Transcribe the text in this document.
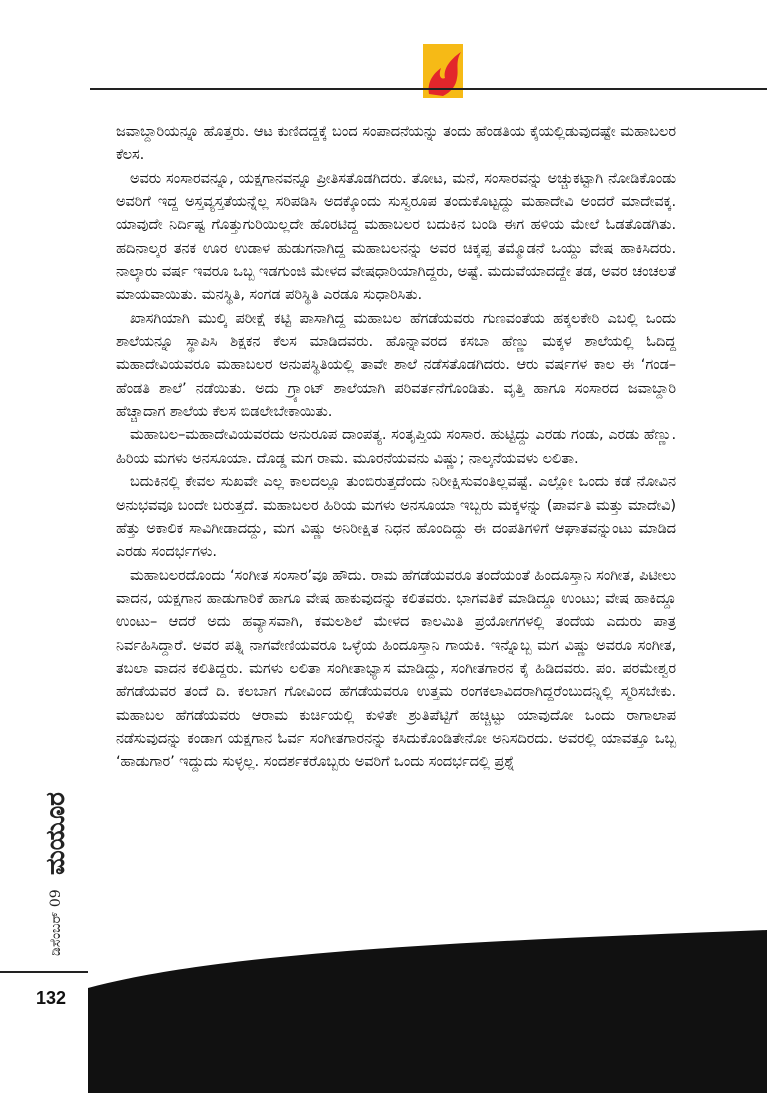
ಜವಾಬ್ದಾರಿಯನ್ನೂ ಹೊತ್ತರು. ಆಟ ಕುಣಿದದ್ದಕ್ಕೆ ಬಂದ ಸಂಪಾದನೆಯನ್ನು ತಂದು ಹೆಂಡತಿಯ ಕೈಯಲ್ಲಿಡುವುದಷ್ಟೇ ಮಹಾಬಲರ ಕೆಲಸ.

ಅವರು ಸಂಸಾರವನ್ನೂ, ಯಕ್ಷಗಾನವನ್ನೂ ಪ್ರೀತಿಸತೊಡಗಿದರು. ತೋಟ, ಮನೆ, ಸಂಸಾರವನ್ನು ಅಚ್ಚುಕಟ್ಟಾಗಿ ನೋಡಿಕೊಂಡು ಅವರಿಗೆ ಇದ್ದ ಅಸ್ತವ್ಯಸ್ತತೆಯನ್ನೆಲ್ಲ ಸರಿಪಡಿಸಿ ಅದಕ್ಕೊಂದು ಸುಸ್ವರೂಪ ತಂದುಕೊಟ್ಟದ್ದು ಮಹಾದೇವಿ ಅಂದರೆ ಮಾದೇವಕ್ಕ. ಯಾವುದೇ ನಿರ್ದಿಷ್ಟ ಗೊತ್ತುಗುರಿಯಿಲ್ಲದೇ ಹೊರಟಿದ್ದ ಮಹಾಬಲರ ಬದುಕಿನ ಬಂಡಿ ಈಗ ಹಳಿಯ ಮೇಲೆ ಓಡತೊಡಗಿತು. ಹದಿನಾಲ್ಕರ ತನಕ ಊರ ಉಡಾಳ ಹುಡುಗನಾಗಿದ್ದ ಮಹಾಬಲನನ್ನು ಅವರ ಚಿಕ್ಕಪ್ಪ ತಮ್ಮೊಡನೆ ಒಯ್ದು ವೇಷ ಹಾಕಿಸಿದರು. ನಾಲ್ಕಾರು ವರ್ಷ ಇವರೂ ಒಬ್ಬ ಇಡಗುಂಜಿ ಮೇಳದ ವೇಷಧಾರಿಯಾಗಿದ್ದರು, ಅಷ್ಟೆ. ಮದುವೆಯಾದದ್ದೇ ತಡ, ಅವರ ಚಂಚಲತೆ ಮಾಯವಾಯಿತು. ಮನಸ್ಥಿತಿ, ಸಂಗಡ ಪರಿಸ್ಥಿತಿ ಎರಡೂ ಸುಧಾರಿಸಿತು.

ಖಾಸಗಿಯಾಗಿ ಮುಲ್ಕಿ ಪರೀಕ್ಷೆ ಕಟ್ಟಿ ಪಾಸಾಗಿದ್ದ ಮಹಾಬಲ ಹೆಗಡೆಯವರು ಗುಣವಂತೆಯ ಹಕ್ಕಲಕೇರಿ ಎಬಲ್ಲಿ ಒಂದು ಶಾಲೆಯನ್ನೂ ಸ್ಥಾಪಿಸಿ ಶಿಕ್ಷಕನ ಕೆಲಸ ಮಾಡಿದವರು. ಹೊನ್ನಾವರದ ಕಸಬಾ ಹೆಣ್ಣು ಮಕ್ಕಳ ಶಾಲೆಯಲ್ಲಿ ಓದಿದ್ದ ಮಹಾದೇವಿಯವರೂ ಮಹಾಬಲರ ಅನುಪಸ್ಥಿತಿಯಲ್ಲಿ ತಾವೇ ಶಾಲೆ ನಡೆಸತೊಡಗಿದರು. ಆರು ವರ್ಷಗಳ ಕಾಲ ಈ ‘ಗಂಡ–ಹೆಂಡತಿ ಶಾಲೆ’ ನಡೆಯಿತು. ಅದು ಗ್ರ್ಯಾಂಟ್ ಶಾಲೆಯಾಗಿ ಪರಿವರ್ತನೆಗೊಂಡಿತು. ವೃತ್ತಿ ಹಾಗೂ ಸಂಸಾರದ ಜವಾಬ್ದಾರಿ ಹೆಚ್ಚಾದಾಗ ಶಾಲೆಯ ಕೆಲಸ ಬಿಡಲೇಬೇಕಾಯಿತು.

ಮಹಾಬಲ–ಮಹಾದೇವಿಯವರದು ಅನುರೂಪ ದಾಂಪತ್ಯ. ಸಂತೃಪ್ತಿಯ ಸಂಸಾರ. ಹುಟ್ಟಿದ್ದು ಎರಡು ಗಂಡು, ಎರಡು ಹೆಣ್ಣು. ಹಿರಿಯ ಮಗಳು ಅನಸೂಯಾ. ದೊಡ್ಡ ಮಗ ರಾಮ. ಮೂರನೆಯವನು ವಿಷ್ಣು; ನಾಲ್ಕನೆಯವಳು ಲಲಿತಾ.

ಬದುಕಿನಲ್ಲಿ ಕೇವಲ ಸುಖವೇ ಎಲ್ಲ ಕಾಲದಲ್ಲೂ ತುಂಬಿರುತ್ತದೆಂದು ನಿರೀಕ್ಷಿಸುವಂತಿಲ್ಲವಷ್ಟೆ. ಎಲ್ಲೋ ಒಂದು ಕಡೆ ನೋವಿನ ಅನುಭವವೂ ಬಂದೇ ಬರುತ್ತದೆ. ಮಹಾಬಲರ ಹಿರಿಯ ಮಗಳು ಅನಸೂಯಾ ಇಬ್ಬರು ಮಕ್ಕಳನ್ನು (ಪಾರ್ವತಿ ಮತ್ತು ಮಾದೇವಿ) ಹೆತ್ತು ಅಕಾಲಿಕ ಸಾವಿಗೀಡಾದದ್ದು, ಮಗ ವಿಷ್ಣು ಅನಿರೀಕ್ಷಿತ ನಿಧನ ಹೊಂದಿದ್ದು ಈ ದಂಪತಿಗಳಿಗೆ ಆಘಾತವನ್ನುಂಟು ಮಾಡಿದ ಎರಡು ಸಂದರ್ಭಗಳು.

ಮಹಾಬಲರದೊಂದು ‘ಸಂಗೀತ ಸಂಸಾರ’ವೂ ಹೌದು. ರಾಮ ಹೆಗಡೆಯವರೂ ತಂದೆಯಂತೆ ಹಿಂದೂಸ್ತಾನಿ ಸಂಗೀತ, ಪಿಟೀಲು ವಾದನ, ಯಕ್ಷಗಾನ ಹಾಡುಗಾರಿಕೆ ಹಾಗೂ ವೇಷ ಹಾಕುವುದನ್ನು ಕಲಿತವರು. ಭಾಗವತಿಕೆ ಮಾಡಿದ್ದೂ ಉಂಟು; ವೇಷ ಹಾಕಿದ್ದೂ ಉಂಟು– ಆದರೆ ಅದು ಹವ್ಯಾಸವಾಗಿ, ಕಮಲಶಿಲೆ ಮೇಳದ ಕಾಲಮಿತಿ ಪ್ರಯೋಗಗಳಲ್ಲಿ ತಂದೆಯ ಎದುರು ಪಾತ್ರ ನಿರ್ವಹಿಸಿದ್ದಾರೆ. ಅವರ ಪತ್ನಿ ನಾಗವೇಣಿಯವರೂ ಒಳ್ಳೆಯ ಹಿಂದೂಸ್ತಾನಿ ಗಾಯಕಿ. ಇನ್ನೊಬ್ಬ ಮಗ ವಿಷ್ಣು ಅವರೂ ಸಂಗೀತ, ತಬಲಾ ವಾದನ ಕಲಿತಿದ್ದರು. ಮಗಳು ಲಲಿತಾ ಸಂಗೀತಾಭ್ಯಾಸ ಮಾಡಿದ್ದು, ಸಂಗೀತಗಾರನ ಕೈ ಹಿಡಿದವರು. ಪಂ. ಪರಮೇಶ್ವರ ಹೆಗಡೆಯವರ ತಂದೆ ದಿ. ಕಲಬಾಗ ಗೋವಿಂದ ಹೆಗಡೆಯವರೂ ಉತ್ತಮ ರಂಗಕಲಾವಿದರಾಗಿದ್ದರೆಂಬುದನ್ನಿಲ್ಲಿ ಸ್ಮರಿಸಬೇಕು. ಮಹಾಬಲ ಹೆಗಡೆಯವರು ಆರಾಮ ಕುರ್ಚಿಯಲ್ಲಿ ಕುಳಿತೇ ಶ್ರುತಿಪೆಟ್ಟಿಗೆ ಹಚ್ಚಿಟ್ಟು ಯಾವುದೋ ಒಂದು ರಾಗಾಲಾಪ ನಡೆಸುವುದನ್ನು ಕಂಡಾಗ ಯಕ್ಷಗಾನ ಓರ್ವ ಸಂಗೀತಗಾರನನ್ನು ಕಸಿದುಕೊಂಡಿತೇನೋ ಅನಿಸದಿರದು. ಅವರಲ್ಲಿ ಯಾವತ್ತೂ ಒಬ್ಬ ‘ಹಾಡುಗಾರ’ ಇದ್ದುದು ಸುಳ್ಳಲ್ಲ. ಸಂದರ್ಶಕರೊಬ್ಬರು ಅವರಿಗೆ ಒಂದು ಸಂದರ್ಭದಲ್ಲಿ ಪ್ರಶ್ನೆ

ಮಯೂರ
ಡಿಸೆಂಬರ್ 09
132
